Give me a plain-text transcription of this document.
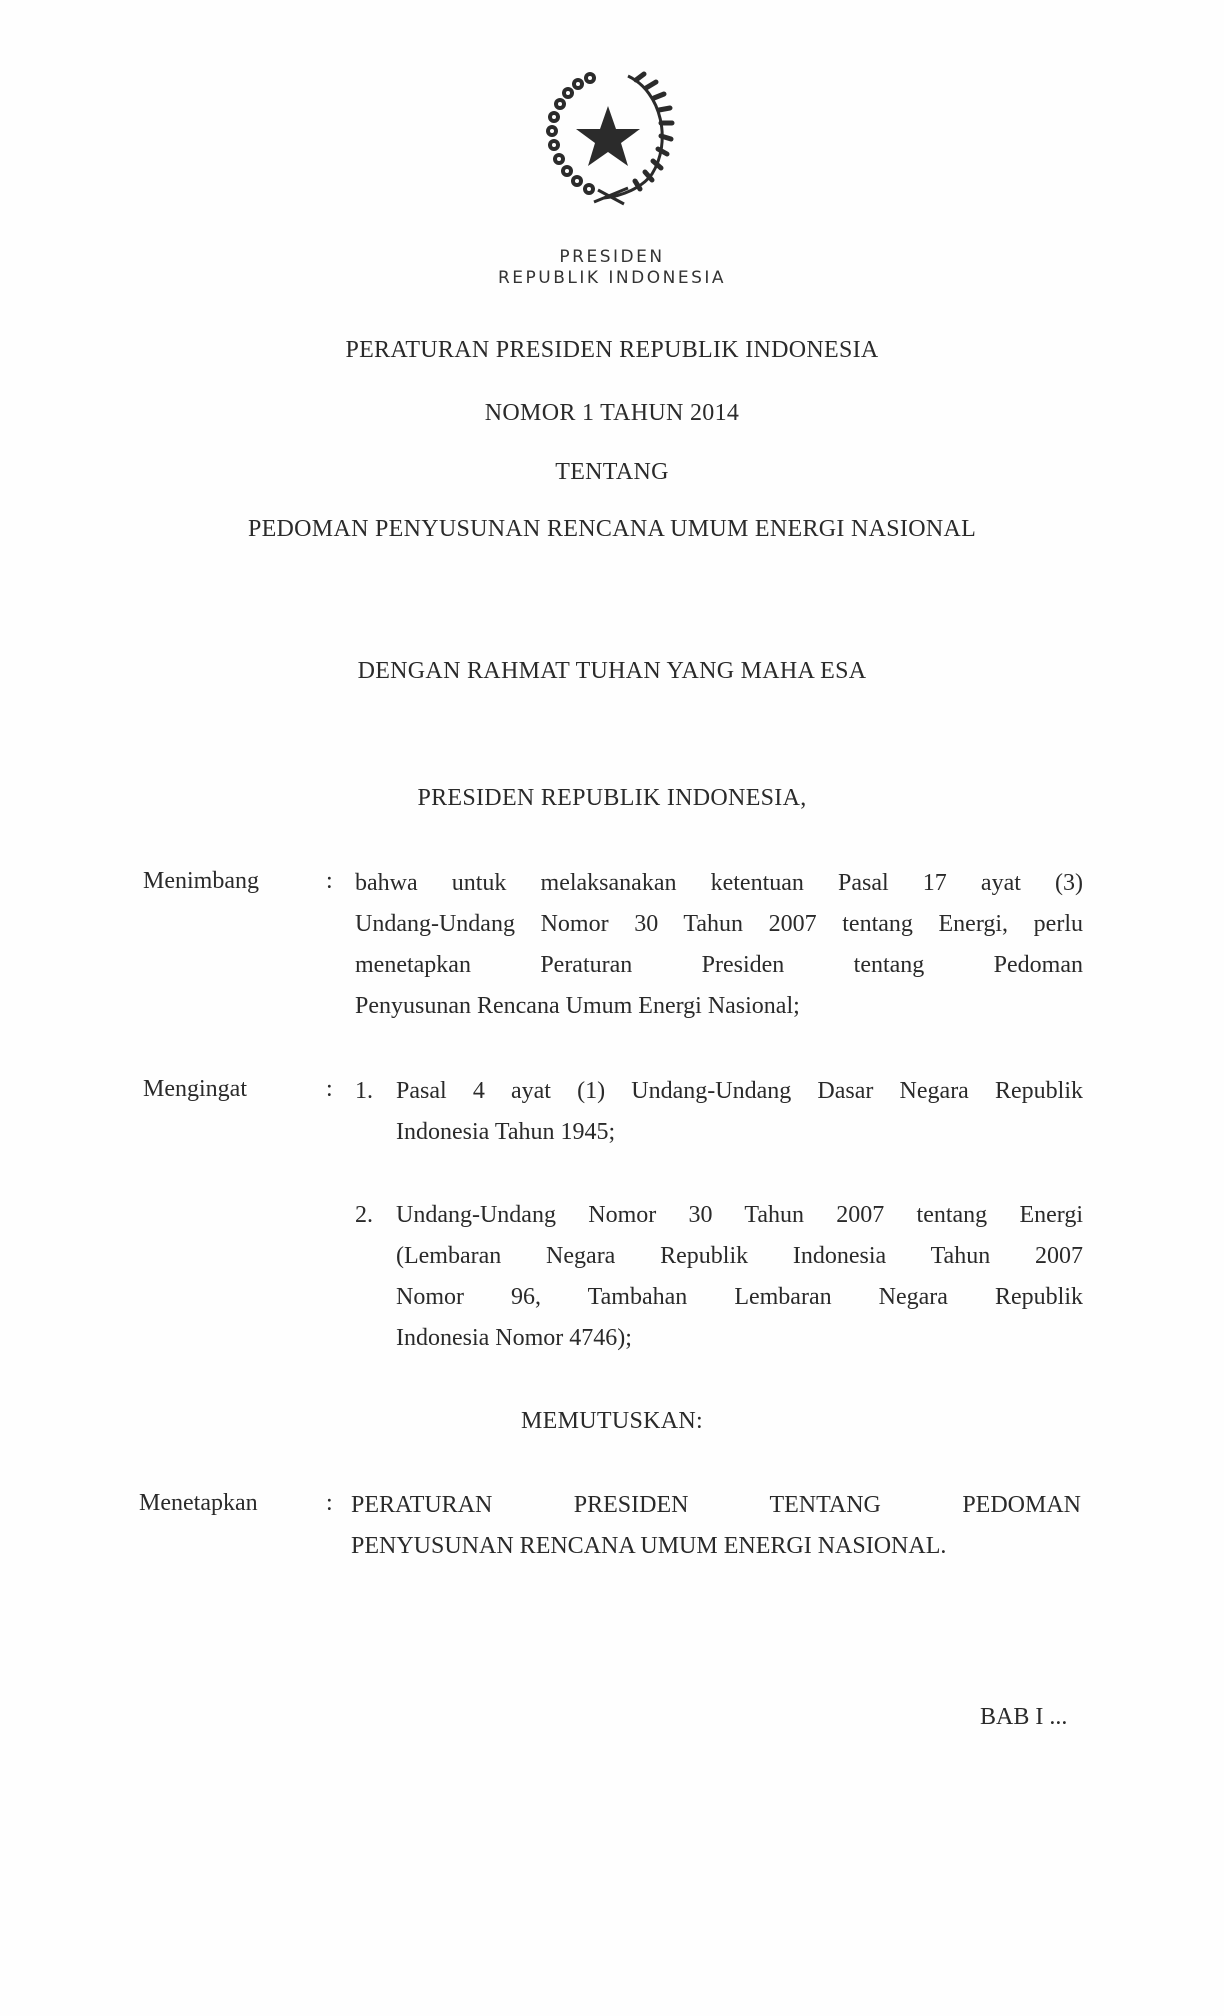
PRESIDEN
REPUBLIK INDONESIA
PERATURAN PRESIDEN REPUBLIK INDONESIA
NOMOR 1 TAHUN 2014
TENTANG
PEDOMAN PENYUSUNAN RENCANA UMUM ENERGI NASIONAL
DENGAN RAHMAT TUHAN YANG MAHA ESA
PRESIDEN REPUBLIK INDONESIA,
Menimbang	: bahwa untuk melaksanakan ketentuan Pasal 17 ayat (3)
Undang-Undang Nomor 30 Tahun 2007 tentang Energi, perlu
menetapkan Peraturan Presiden tentang Pedoman
Penyusunan Rencana Umum Energi Nasional;
Mengingat	: 1. Pasal 4 ayat (1) Undang-Undang Dasar Negara Republik
Indonesia Tahun 1945;
2. Undang-Undang Nomor 30 Tahun 2007 tentang Energi
(Lembaran Negara Republik Indonesia Tahun 2007
Nomor 96, Tambahan Lembaran Negara Republik
Indonesia Nomor 4746);
MEMUTUSKAN:
Menetapkan	: PERATURAN PRESIDEN TENTANG PEDOMAN
PENYUSUNAN RENCANA UMUM ENERGI NASIONAL.
BAB I ...
